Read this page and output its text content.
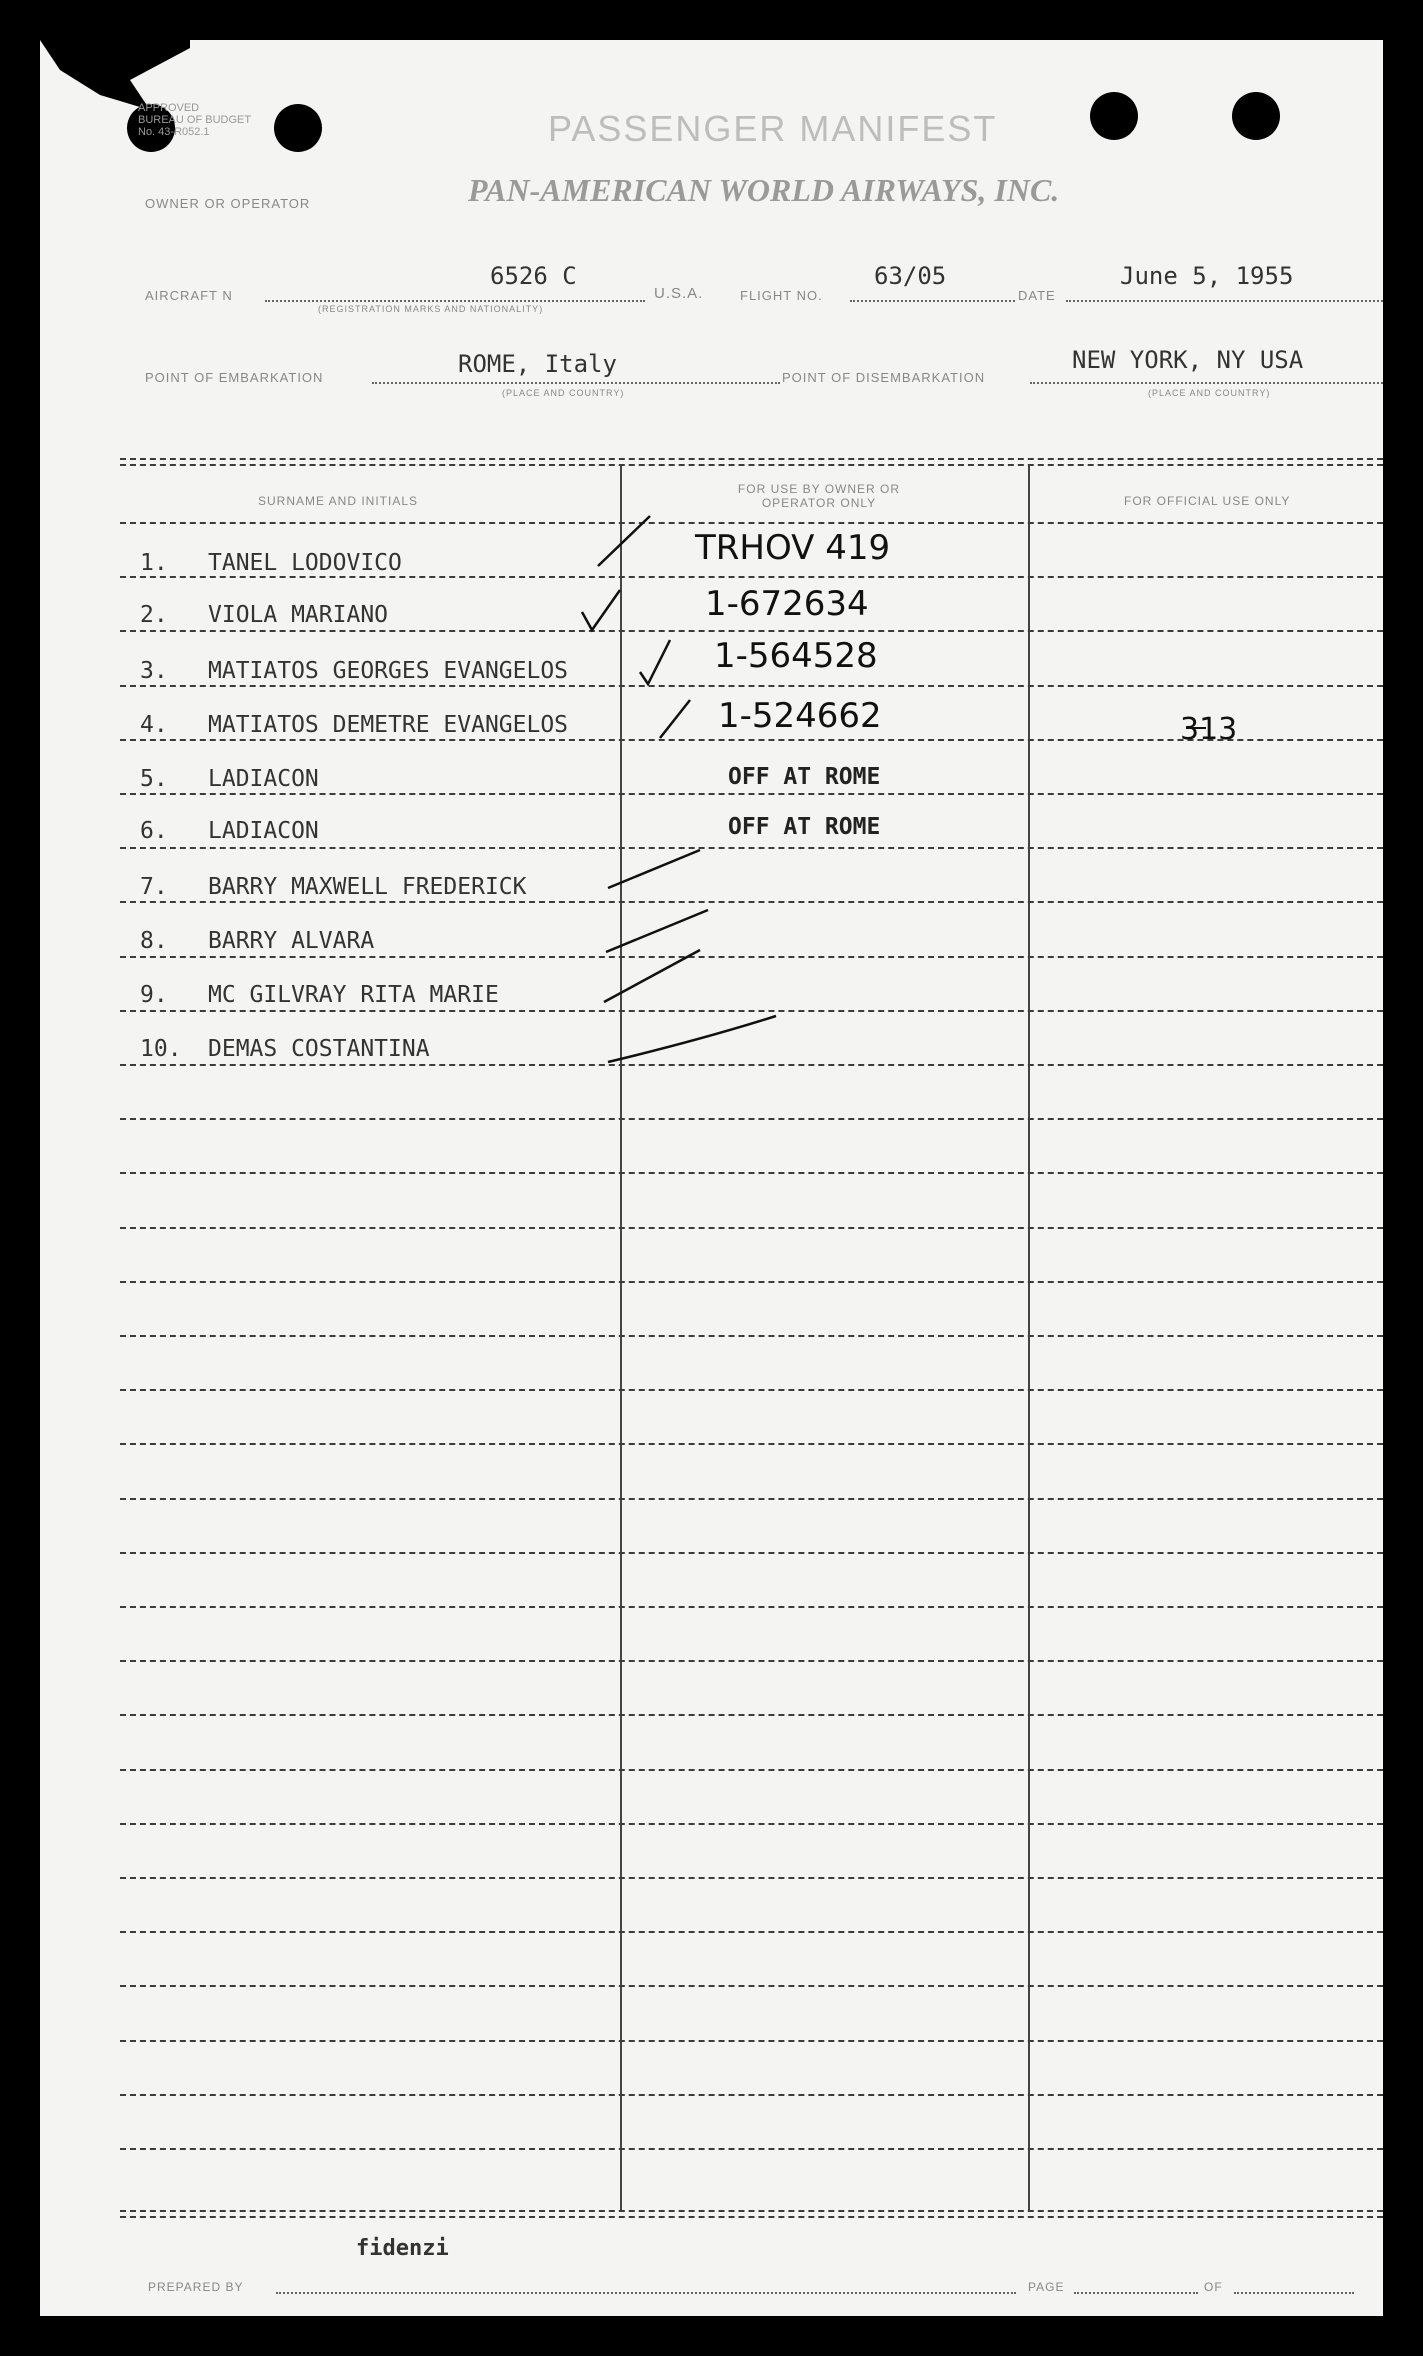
APPROVED
BUREAU OF BUDGET
No. 43-R052.1	PASSENGER MANIFEST
OWNER OR OPERATOR	PAN-AMERICAN WORLD AIRWAYS, INC.
AIRCRAFT N
6526 C
(REGISTRATION MARKS AND NATIONALITY)
U.S.A.	FLIGHT NO.
63/05
DATE
June 5, 1955
POINT OF EMBARKATION	ROME, Italy
(PLACE AND COUNTRY)
POINT OF DISEMBARKATION
NEW YORK, NY USA
(PLACE AND COUNTRY)
SURNAME AND INITIALS
FOR USE BY OWNER OR OPERATOR ONLY	FOR OFFICIAL USE ONLY
1. TANEL LODOVICO	TRHOV 419
2. VIOLA MARIANO	1-672634
3. MATIATOS GEORGES EVANGELOS	1-564528
4. MATIATOS DEMETRE EVANGELOS	1-524662	313
5. LADIACON	OFF AT ROME
6. LADIACON	OFF AT ROME
7. BARRY MAXWELL FREDERICK
8. BARRY ALVARA
9. MC GILVRAY RITA MARIE
10. DEMAS COSTANTINA
fidenzi
PREPARED BY	PAGE	OF
